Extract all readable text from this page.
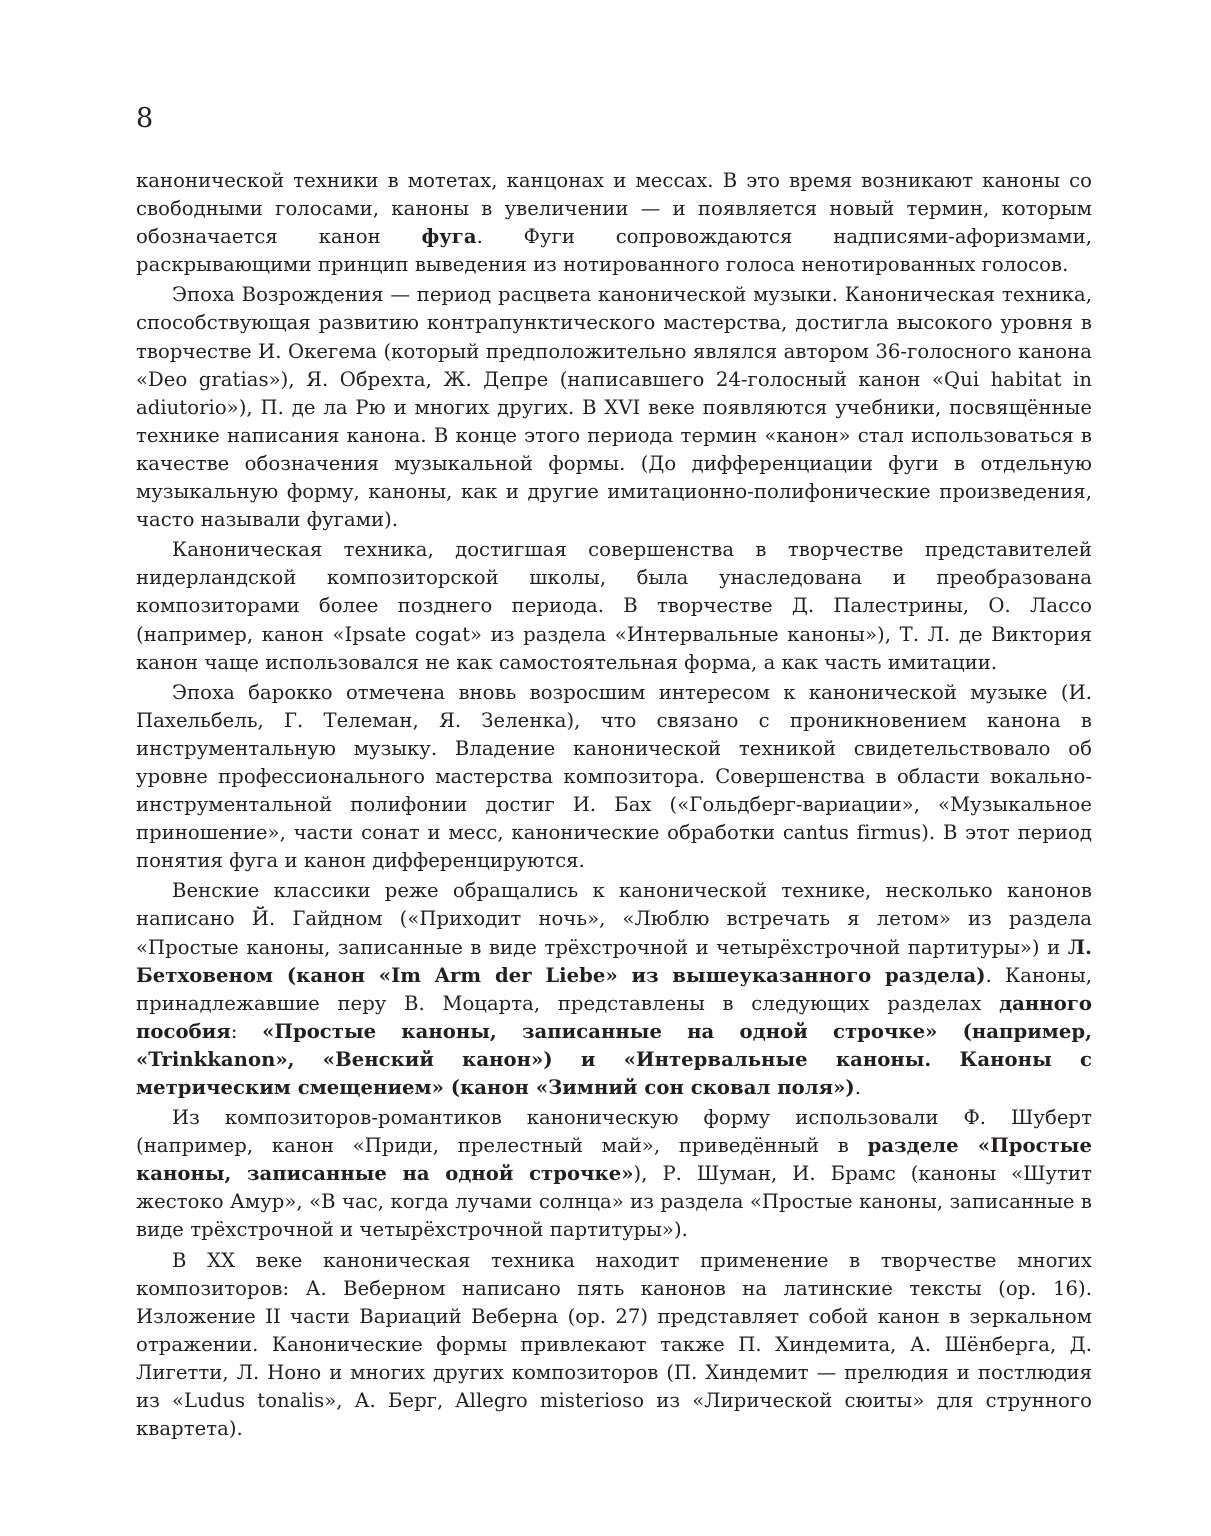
8

канонической техники в мотетах, канцонах и мессах. В это время возникают каноны со свободными голосами, каноны в увеличении — и появляется новый термин, которым обозначается канон фуга. Фуги сопровождаются надписями-афоризмами, раскрывающими принцип выведения из нотированного голоса ненотированных голосов.

Эпоха Возрождения — период расцвета канонической музыки. Каноническая техника, способствующая развитию контрапунктического мастерства, достигла высокого уровня в творчестве И. Окегема (который предположительно являлся автором 36-голосного канона «Deo gratias»), Я. Обрехта, Ж. Депре (написавшего 24-голосный канон «Qui habitat in adiutorio»), П. де ла Рю и многих других. В XVI веке появляются учебники, посвящённые технике написания канона. В конце этого периода термин «канон» стал использоваться в качестве обозначения музыкальной формы. (До дифференциации фуги в отдельную музыкальную форму, каноны, как и другие имитационно-полифонические произведения, часто называли фугами).

Каноническая техника, достигшая совершенства в творчестве представителей нидерландской композиторской школы, была унаследована и преобразована композиторами более позднего периода. В творчестве Д. Палестрины, О. Лассо (например, канон «Ipsate cogat» из раздела «Интервальные каноны»), Т. Л. де Виктория канон чаще использовался не как самостоятельная форма, а как часть имитации.

Эпоха барокко отмечена вновь возросшим интересом к канонической музыке (И. Пахельбель, Г. Телеман, Я. Зеленка), что связано с проникновением канона в инструментальную музыку. Владение канонической техникой свидетельствовало об уровне профессионального мастерства композитора. Совершенства в области вокально-инструментальной полифонии достиг И. Бах («Гольдберг-вариации», «Музыкальное приношение», части сонат и месс, канонические обработки cantus firmus). В этот период понятия фуга и канон дифференцируются.

Венские классики реже обращались к канонической технике, несколько канонов написано Й. Гайдном («Приходит ночь», «Люблю встречать я летом» из раздела «Простые каноны, записанные в виде трёхстрочной и четырёхстрочной партитуры») и Л. Бетховеном (канон «Im Arm der Liebe» из вышеуказанного раздела). Каноны, принадлежавшие перу В. Моцарта, представлены в следующих разделах данного пособия: «Простые каноны, записанные на одной строчке» (например, «Trinkkanon», «Венский канон») и «Интервальные каноны. Каноны с метрическим смещением» (канон «Зимний сон сковал поля»).

Из композиторов-романтиков каноническую форму использовали Ф. Шуберт (например, канон «Приди, прелестный май», приведённый в разделе «Простые каноны, записанные на одной строчке»), Р. Шуман, И. Брамс (каноны «Шутит жестоко Амур», «В час, когда лучами солнца» из раздела «Простые каноны, записанные в виде трёхстрочной и четырёхстрочной партитуры»).

В XX веке каноническая техника находит применение в творчестве многих композиторов: А. Веберном написано пять канонов на латинские тексты (op. 16). Изложение II части Вариаций Веберна (op. 27) представляет собой канон в зеркальном отражении. Канонические формы привлекают также П. Хиндемита, А. Шёнберга, Д. Лигетти, Л. Ноно и многих других композиторов (П. Хиндемит — прелюдия и постлюдия из «Ludus tonalis», А. Берг, Allegro misterioso из «Лирической сюиты» для струнного квартета).
